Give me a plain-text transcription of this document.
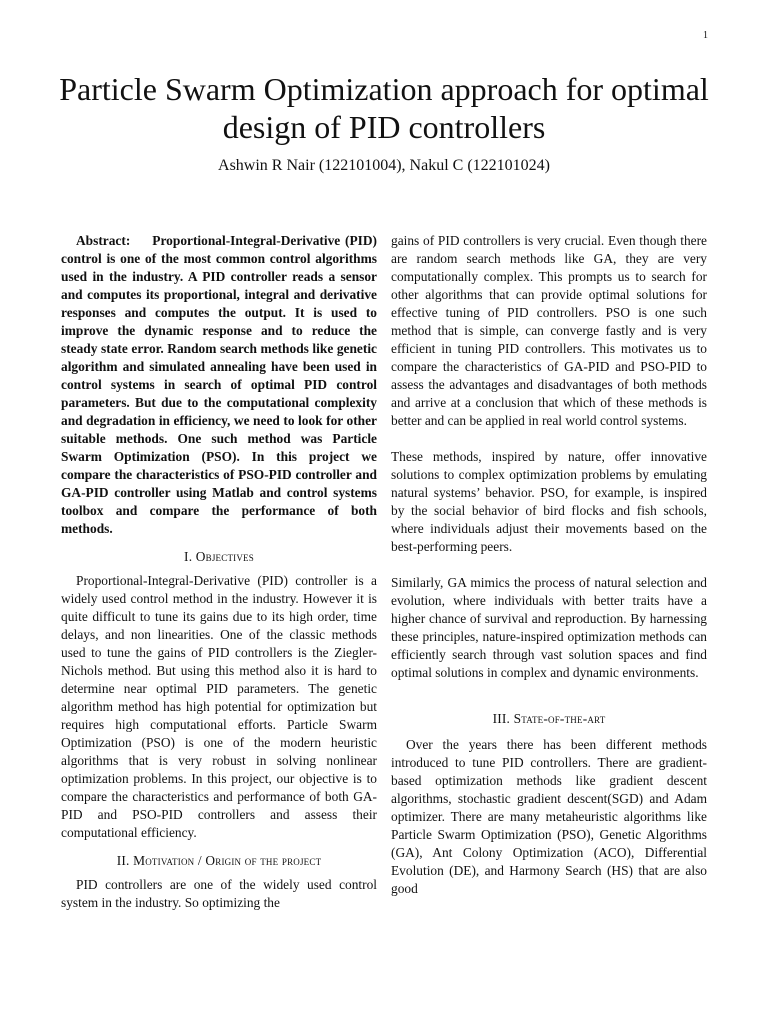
1
Particle Swarm Optimization approach for optimal design of PID controllers
Ashwin R Nair (122101004), Nakul C (122101024)

Abstract: Proportional-Integral-Derivative (PID) control is one of the most common control algorithms used in the industry. A PID controller reads a sensor and computes its proportional, integral and derivative responses and computes the output. It is used to improve the dynamic response and to reduce the steady state error. Random search methods like genetic algorithm and simulated annealing have been used in control systems in search of optimal PID control parameters. But due to the computational complexity and degradation in efficiency, we need to look for other suitable methods. One such method was Particle Swarm Optimization (PSO). In this project we compare the characteristics of PSO-PID controller and GA-PID controller using Matlab and control systems toolbox and compare the performance of both methods.

I. Objectives

Proportional-Integral-Derivative (PID) controller is a widely used control method in the industry. However it is quite difficult to tune its gains due to its high order, time delays, and non linearities. One of the classic methods used to tune the gains of PID controllers is the Ziegler-Nichols method. But using this method also it is hard to determine near optimal PID parameters. The genetic algorithm method has high potential for optimization but requires high computational efforts. Particle Swarm Optimization (PSO) is one of the modern heuristic algorithms that is very robust in solving nonlinear optimization problems. In this project, our objective is to compare the characteristics and performance of both GA-PID and PSO-PID controllers and assess their computational efficiency.

II. Motivation / Origin of the project

PID controllers are one of the widely used control system in the industry. So optimizing the

gains of PID controllers is very crucial. Even though there are random search methods like GA, they are very computationally complex. This prompts us to search for other algorithms that can provide optimal solutions for effective tuning of PID controllers. PSO is one such method that is simple, can converge fastly and is very efficient in tuning PID controllers. This motivates us to compare the characteristics of GA-PID and PSO-PID to assess the advantages and disadvantages of both methods and arrive at a conclusion that which of these methods is better and can be applied in real world control systems.

These methods, inspired by nature, offer innovative solutions to complex optimization problems by emulating natural systems’ behavior. PSO, for example, is inspired by the social behavior of bird flocks and fish schools, where individuals adjust their movements based on the best-performing peers.

Similarly, GA mimics the process of natural selection and evolution, where individuals with better traits have a higher chance of survival and reproduction. By harnessing these principles, nature-inspired optimization methods can efficiently search through vast solution spaces and find optimal solutions in complex and dynamic environments.

III. State-of-the-art

Over the years there has been different methods introduced to tune PID controllers. There are gradient-based optimization methods like gradient descent algorithms, stochastic gradient descent(SGD) and Adam optimizer. There are many metaheuristic algorithms like Particle Swarm Optimization (PSO), Genetic Algorithms (GA), Ant Colony Optimization (ACO), Differential Evolution (DE), and Harmony Search (HS) that are also good
